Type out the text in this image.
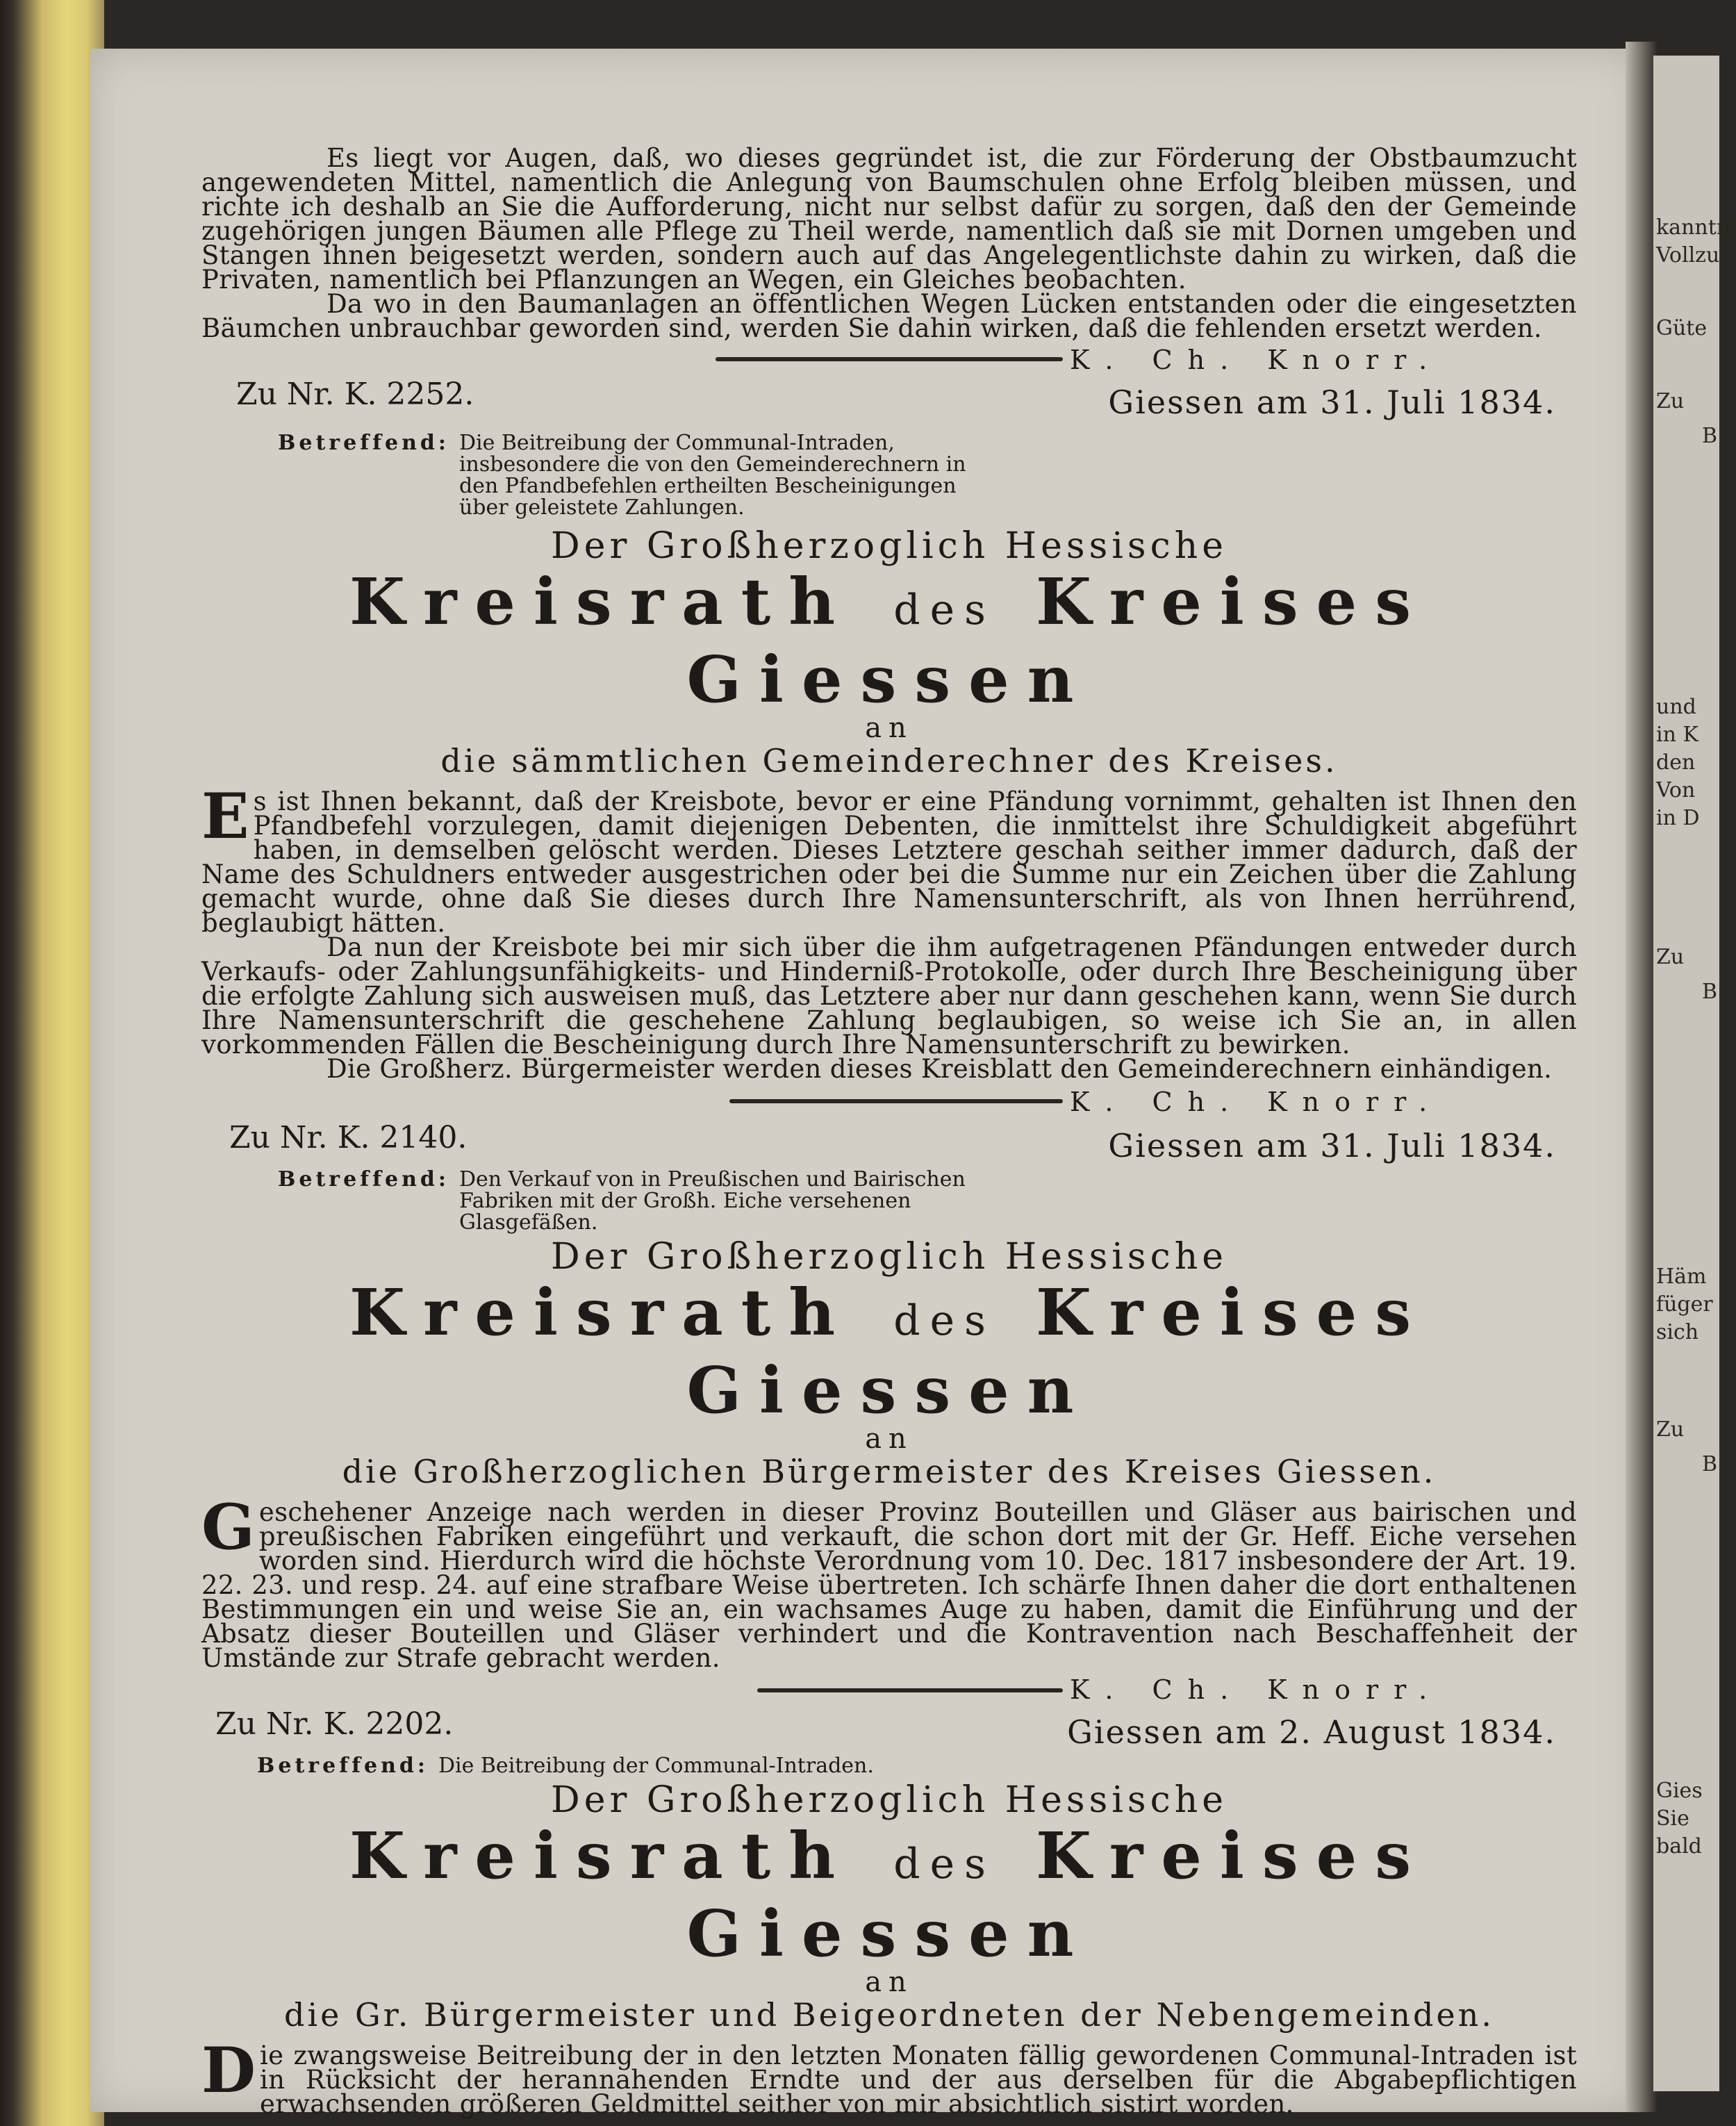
kanntm
Vollzu
Güte
Zu
B
und
in K
den
Von
in D
Zu
B
Häm
füger
sich
Zu
B
Gies
Sie
bald

Es liegt vor Augen, daß, wo dieses gegründet ist, die zur Förderung der Obstbaumzucht angewendeten Mittel, namentlich die Anlegung von Baumschulen ohne Erfolg bleiben müssen, und richte ich deshalb an Sie die Aufforderung, nicht nur selbst dafür zu sorgen, daß den der Gemeinde zugehörigen jungen Bäumen alle Pflege zu Theil werde, namentlich daß sie mit Dornen umgeben und Stangen ihnen beigesetzt werden, sondern auch auf das Angelegentlichste dahin zu wirken, daß die Privaten, namentlich bei Pflanzungen an Wegen, ein Gleiches beobachten.

Da wo in den Baumanlagen an öffentlichen Wegen Lücken entstanden oder die eingesetzten Bäumchen unbrauchbar geworden sind, werden Sie dahin wirken, daß die fehlenden ersetzt werden.

K. Ch. Knorr.
Zu Nr. K. 2252.	Giessen am 31. Juli 1834.
Betreffend: Die Beitreibung der Communal-Intraden, insbesondere die von den Gemeinderechnern in den Pfandbefehlen ertheilten Bescheinigungen über geleistete Zahlungen.
Der Großherzoglich Hessische
Kreisrath des Kreises Giessen
an
die sämmtlichen Gemeinderechner des Kreises.
E s ist Ihnen bekannt, daß der Kreisbote, bevor er eine Pfändung vornimmt, gehalten ist Ihnen den Pfandbefehl vorzulegen, damit diejenigen Debenten, die inmittelst ihre Schuldigkeit abgeführt haben, in demselben gelöscht werden. Dieses Letztere geschah seither immer dadurch, daß der Name des Schuldners entweder ausgestrichen oder bei die Summe nur ein Zeichen über die Zahlung gemacht wurde, ohne daß Sie dieses durch Ihre Namensunterschrift, als von Ihnen herrührend, beglaubigt hätten.

Da nun der Kreisbote bei mir sich über die ihm aufgetragenen Pfändungen entweder durch Verkaufs- oder Zahlungsunfähigkeits- und Hinderniß-Protokolle, oder durch Ihre Bescheinigung über die erfolgte Zahlung sich ausweisen muß, das Letztere aber nur dann geschehen kann, wenn Sie durch Ihre Namensunterschrift die geschehene Zahlung beglaubigen, so weise ich Sie an, in allen vorkommenden Fällen die Bescheinigung durch Ihre Namensunterschrift zu bewirken.

Die Großherz. Bürgermeister werden dieses Kreisblatt den Gemeinderechnern einhändigen.

K. Ch. Knorr.
Zu Nr. K. 2140.	Giessen am 31. Juli 1834.
Betreffend: Den Verkauf von in Preußischen und Bairischen Fabriken mit der Großh. Eiche versehenen Glasgefäßen.
Der Großherzoglich Hessische
Kreisrath des Kreises Giessen
an
die Großherzoglichen Bürgermeister des Kreises Giessen.
G eschehener Anzeige nach werden in dieser Provinz Bouteillen und Gläser aus bairischen und preußischen Fabriken eingeführt und verkauft, die schon dort mit der Gr. Heff. Eiche versehen worden sind. Hierdurch wird die höchste Verordnung vom 10. Dec. 1817 insbesondere der Art. 19. 22. 23. und resp. 24. auf eine strafbare Weise übertreten. Ich schärfe Ihnen daher die dort enthaltenen Bestimmungen ein und weise Sie an, ein wachsames Auge zu haben, damit die Einführung und der Absatz dieser Bouteillen und Gläser verhindert und die Kontravention nach Beschaffenheit der Umstände zur Strafe gebracht werden.

K. Ch. Knorr.
Zu Nr. K. 2202.	Giessen am 2. August 1834.
Betreffend: Die Beitreibung der Communal-Intraden.
Der Großherzoglich Hessische
Kreisrath des Kreises Giessen
an
die Gr. Bürgermeister und Beigeordneten der Nebengemeinden.
D ie zwangsweise Beitreibung der in den letzten Monaten fällig gewordenen Communal-Intraden ist in Rücksicht der herannahenden Erndte und der aus derselben für die Abgabepflichtigen erwachsenden größeren Geldmittel seither von mir absichtlich sistirt worden.
